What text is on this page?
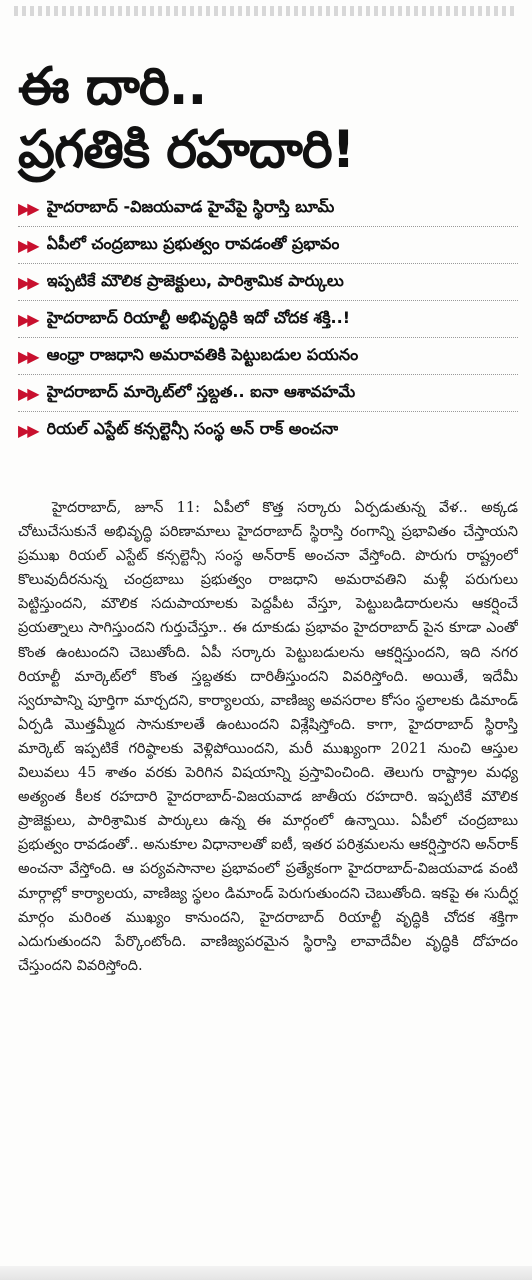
ఈ దారి..
ప్రగతికి రహదారి!
▶▶ హైదరాబాద్ -విజయవాడ హైవేపై స్థిరాస్తి బూమ్
▶▶ ఏపీలో చంద్రబాబు ప్రభుత్వం రావడంతో ప్రభావం
▶▶ ఇప్పటికే మౌలిక ప్రాజెక్టులు, పారిశ్రామిక పార్కులు
▶▶ హైదరాబాద్ రియాల్టీ అభివృద్ధికి ఇదో చోదక శక్తి..!
▶▶ ఆంధ్రా రాజధాని అమరావతికి పెట్టుబడుల పయనం
▶▶ హైదరాబాద్ మార్కెట్‌లో స్తబ్దత.. ఐనా ఆశావహమే
▶▶ రియల్ ఎస్టేట్ కన్సల్టెన్సీ సంస్థ అన్ రాక్ అంచనా

హైదరాబాద్, జూన్ 11: ఏపీలో కొత్త సర్కారు ఏర్పడుతున్న వేళ.. అక్కడ చోటుచేసుకునే అభివృద్ధి పరిణామాలు హైదరాబాద్ స్థిరాస్తి రంగాన్ని ప్రభావితం చేస్తాయని ప్రముఖ రియల్ ఎస్టేట్ కన్సల్టెన్సీ సంస్థ అన్‌రాక్ అంచనా వేస్తోంది. పొరుగు రాష్ట్రంలో కొలువుదీరనున్న చంద్రబాబు ప్రభుత్వం రాజధాని అమరావతిని మళ్లీ పరుగులు పెట్టిస్తుందని, మౌలిక సదుపాయాలకు పెద్దపీట వేస్తూ, పెట్టుబడిదారులను ఆకర్షించే ప్రయత్నాలు సాగిస్తుందని గుర్తుచేస్తూ.. ఈ దూకుడు ప్రభావం హైదరాబాద్ పైన కూడా ఎంతో కొంత ఉంటుందని చెబుతోంది. ఏపీ సర్కారు పెట్టుబడులను ఆకర్షిస్తుందని, ఇది నగర రియాల్టీ మార్కెట్‌లో కొంత స్తబ్దతకు దారితీస్తుందని వివరిస్తోంది. అయితే, ఇదేమీ స్వరూపాన్ని పూర్తిగా మార్చదని, కార్యాలయ, వాణిజ్య అవసరాల కోసం స్థలాలకు డిమాండ్ ఏర్పడి మొత్తమ్మీద సానుకూలతే ఉంటుందని విశ్లేషిస్తోంది. కాగా, హైదరాబాద్ స్థిరాస్తి మార్కెట్ ఇప్పటికే గరిష్ఠాలకు వెళ్లిపోయిందని, మరీ ముఖ్యంగా 2021 నుంచి ఆస్తుల విలువలు 45 శాతం వరకు పెరిగిన విషయాన్ని ప్రస్తావించింది. తెలుగు రాష్ట్రాల మధ్య అత్యంత కీలక రహదారి హైదరాబాద్-విజయవాడ జాతీయ రహదారి. ఇప్పటికే మౌలిక ప్రాజెక్టులు, పారిశ్రామిక పార్కులు ఉన్న ఈ మార్గంలో ఉన్నాయి. ఏపీలో చంద్రబాబు ప్రభుత్వం రావడంతో.. అనుకూల విధానాలతో ఐటీ, ఇతర పరిశ్రమలను ఆకర్షిస్తారని అన్‌రాక్ అంచనా వేస్తోంది. ఆ పర్యవసానాల ప్రభావంలో ప్రత్యేకంగా హైదరాబాద్-విజయవాడ వంటి మార్గాల్లో కార్యాలయ, వాణిజ్య స్థలం డిమాండ్ పెరుగుతుందని చెబుతోంది. ఇకపై ఈ సుదీర్ఘ మార్గం మరింత ముఖ్యం కానుందని, హైదరాబాద్ రియాల్టీ వృద్ధికి చోదక శక్తిగా ఎదుగుతుందని పేర్కొంటోంది. వాణిజ్యపరమైన స్థిరాస్తి లావాదేవీల వృద్ధికి దోహదం చేస్తుందని వివరిస్తోంది.
